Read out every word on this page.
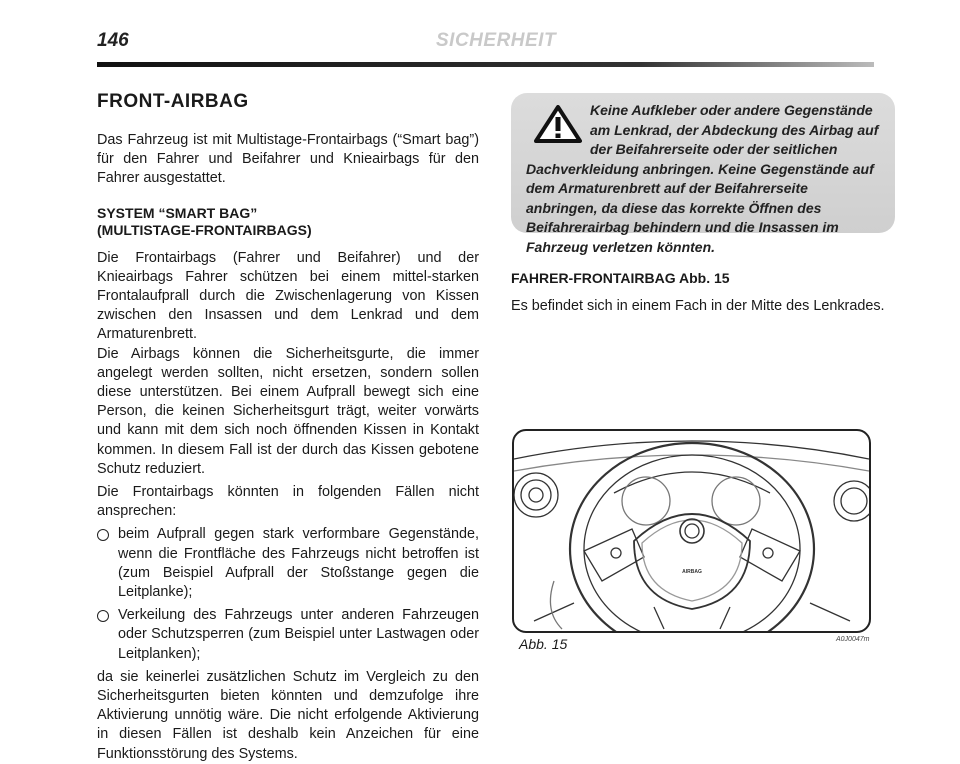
146	SICHERHEIT
FRONT-AIRBAG

Das Fahrzeug ist mit Multistage-Frontairbags (“Smart bag”) für den Fahrer und Beifahrer und Knieairbags für den Fahrer ausgestattet.

SYSTEM “SMART BAG”
(MULTISTAGE-FRONTAIRBAGS)

Die Frontairbags (Fahrer und Beifahrer) und der Knieairbags Fahrer schützen bei einem mittel-starken Frontalaufprall durch die Zwischenlagerung von Kissen zwischen den Insassen und dem Lenkrad und dem Armaturenbrett.

Die Airbags können die Sicherheitsgurte, die immer angelegt werden sollten, nicht ersetzen, sondern sollen diese unterstützen. Bei einem Aufprall bewegt sich eine Person, die keinen Sicherheitsgurt trägt, weiter vorwärts und kann mit dem sich noch öffnenden Kissen in Kontakt kommen. In diesem Fall ist der durch das Kissen gebotene Schutz reduziert.

Die Frontairbags könnten in folgenden Fällen nicht ansprechen:

beim Aufprall gegen stark verformbare Gegenstände, wenn die Frontfläche des Fahrzeugs nicht betroffen ist (zum Beispiel Aufprall der Stoßstange gegen die Leitplanke);
Verkeilung des Fahrzeugs unter anderen Fahrzeugen oder Schutzsperren (zum Beispiel unter Lastwagen oder Leitplanken);

da sie keinerlei zusätzlichen Schutz im Vergleich zu den Sicherheitsgurten bieten könnten und demzufolge ihre Aktivierung unnötig wäre. Die nicht erfolgende Aktivierung in diesen Fällen ist deshalb kein Anzeichen für eine Funktionsstörung des Systems.

Keine Aufkleber oder andere Gegenstände am Lenkrad, der Abdeckung des Airbag auf der Beifahrerseite oder der seitlichen Dachverkleidung anbringen. Keine Gegenstände auf dem Armaturenbrett auf der Beifahrerseite anbringen, da diese das korrekte Öffnen des Beifahrerairbag behindern und die Insassen im Fahrzeug verletzen könnten.

FAHRER-FRONTAIRBAG Abb. 15

Es befindet sich in einem Fach in der Mitte des Lenkrades.

AIRBAG
Abb. 15	A0J0047m
